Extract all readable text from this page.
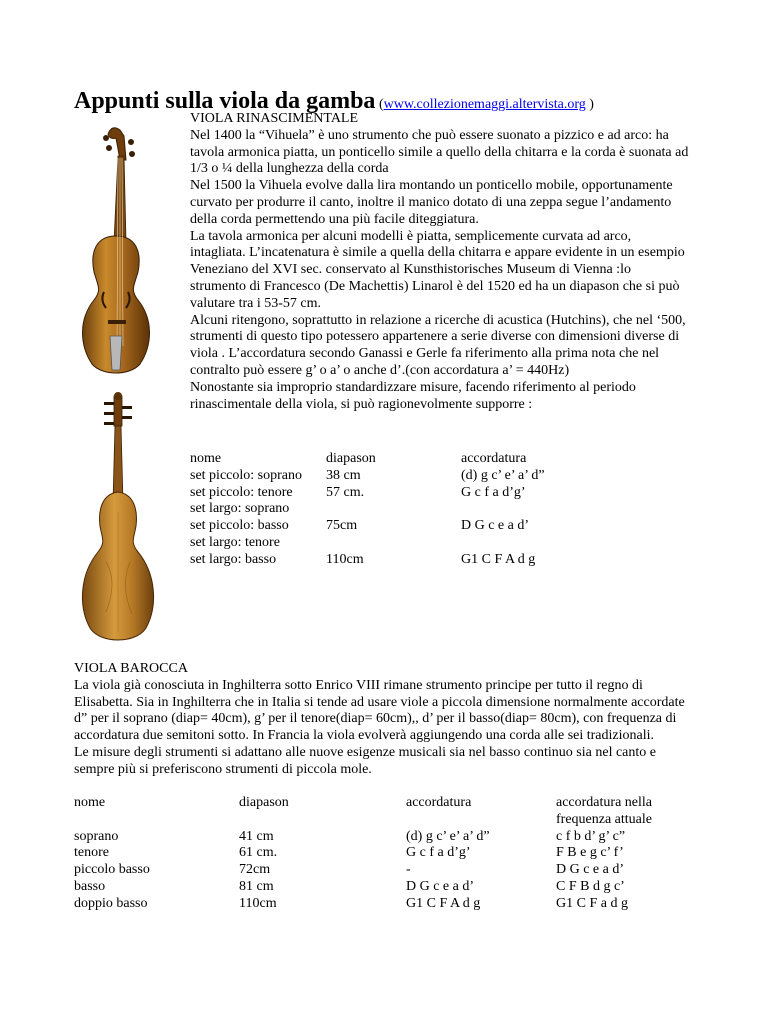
Appunti sulla viola da gamba (www.collezionemaggi.altervista.org )

VIOLA RINASCIMENTALE

Nel 1400 la “Vihuela” è uno strumento che può essere suonato a pizzico e ad arco: ha tavola armonica piatta, un ponticello simile a quello della chitarra e la corda è suonata ad 1/3 o ¼ della lunghezza della corda

Nel 1500 la Vihuela evolve dalla lira montando un ponticello mobile, opportunamente curvato per produrre il canto, inoltre il manico dotato di una zeppa segue l’andamento della corda permettendo una più facile diteggiatura.

La tavola armonica per alcuni modelli è piatta, semplicemente curvata ad arco, intagliata. L’incatenatura è simile a quella della chitarra e appare evidente in un esempio Veneziano del XVI sec. conservato al Kunsthistorisches Museum di Vienna :lo strumento di Francesco (De Machettis) Linarol è del 1520 ed ha un diapason che si può valutare tra i 53-57 cm.

Alcuni ritengono, soprattutto in relazione a ricerche di acustica (Hutchins), che nel ‘500, strumenti di questo tipo potessero appartenere a serie diverse con dimensioni diverse di viola . L’accordatura secondo Ganassi e Gerle fa riferimento alla prima nota che nel contralto può essere g’ o a’ o anche d’.(con accordatura a’ = 440Hz)

Nonostante sia improprio standardizzare misure, facendo riferimento al periodo rinascimentale della viola, si può ragionevolmente supporre :

nome	diapason	accordatura
set piccolo: soprano	38 cm	(d) g c’ e’ a’ d”
set piccolo: tenore	57 cm.	G c f a d’g’
set largo: soprano		
set piccolo: basso	75cm	D G c e a d’
set largo: tenore		
set largo: basso	110cm	G1 C F A d g

VIOLA BAROCCA

La viola già conosciuta in Inghilterra sotto Enrico VIII rimane strumento principe per tutto il regno di Elisabetta. Sia in Inghilterra che in Italia si tende ad usare viole a piccola dimensione normalmente accordate d” per il soprano (diap= 40cm), g’ per il tenore(diap= 60cm),, d’ per il basso(diap= 80cm), con frequenza di accordatura due semitoni sotto. In Francia la viola evolverà aggiungendo una corda alle sei tradizionali.

Le misure degli strumenti si adattano alle nuove esigenze musicali sia nel basso continuo sia nel canto e sempre più si preferiscono strumenti di piccola mole.

nome	diapason	accordatura	accordatura nella frequenza attuale
soprano	41 cm	(d) g c’ e’ a’ d”	c f b d’ g’ c”
tenore	61 cm.	G c f a d’g’	F B e g c’ f’
piccolo basso	72cm	-	D G c e a d’
basso	81 cm	D G c e a d’	C F B d g c’
doppio basso	110cm	G1 C F A d g	G1 C F a d g
